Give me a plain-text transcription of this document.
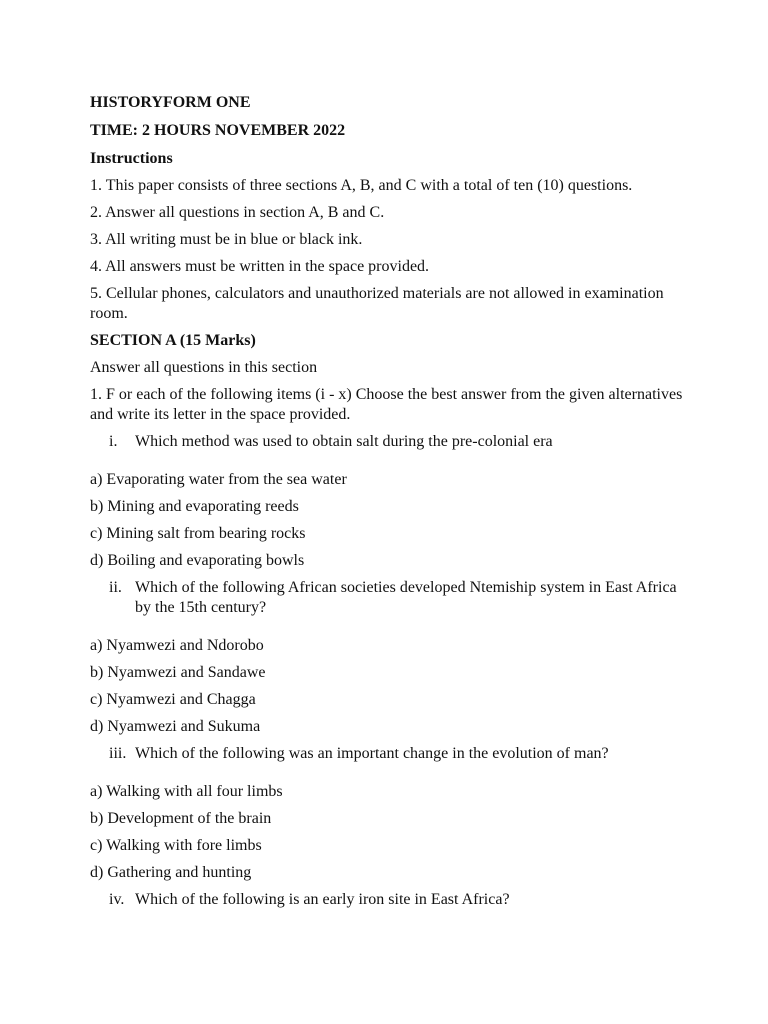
HISTORYFORM ONE

TIME: 2 HOURS NOVEMBER 2022

Instructions

1. This paper consists of three sections A, B, and C with a total of ten (10) questions.

2. Answer all questions in section A, B and C.

3. All writing must be in blue or black ink.

4. All answers must be written in the space provided.

5. Cellular phones, calculators and unauthorized materials are not allowed in examination room.

SECTION A (15 Marks)

Answer all questions in this section

1. F or each of the following items (i - x) Choose the best answer from the given alternatives and write its letter in the space provided.

i.	Which method was used to obtain salt during the pre-colonial era

a) Evaporating water from the sea water

b) Mining and evaporating reeds

c) Mining salt from bearing rocks

d) Boiling and evaporating bowls

ii. Which of the following African societies developed Ntemiship system in East Africa by the 15th century?

a) Nyamwezi and Ndorobo

b) Nyamwezi and Sandawe

c) Nyamwezi and Chagga

d) Nyamwezi and Sukuma

iii. Which of the following was an important change in the evolution of man?

a) Walking with all four limbs

b) Development of the brain

c) Walking with fore limbs

d) Gathering and hunting

iv. Which of the following is an early iron site in East Africa?
